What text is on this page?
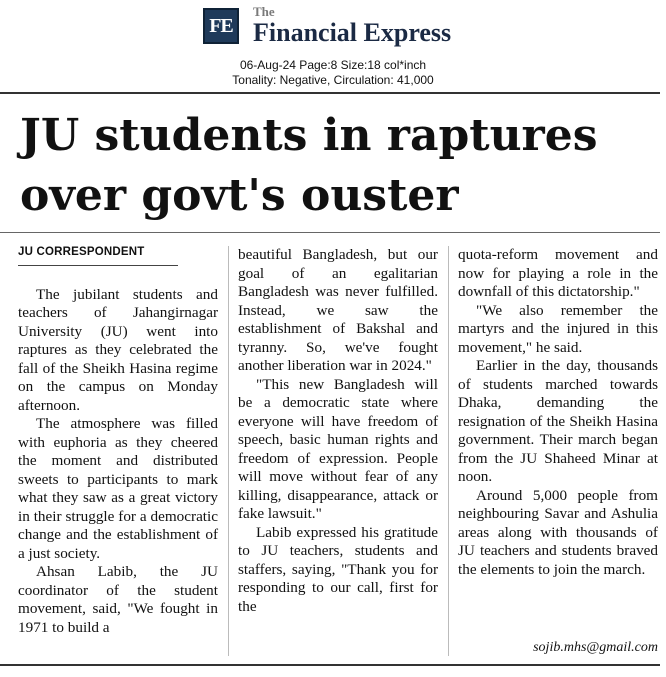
FE
The
Financial Express
06-Aug-24 Page:8 Size:18 col*inch
Tonality: Negative, Circulation: 41,000
JU students in raptures
over govt's ouster
JU CORRESPONDENT

The jubilant students and teachers of Jahangirnagar University (JU) went into raptures as they celebrated the fall of the Sheikh Hasina regime on the campus on Monday afternoon.

The atmosphere was filled with euphoria as they cheered the moment and distributed sweets to participants to mark what they saw as a great victory in their struggle for a democratic change and the establishment of a just society.

Ahsan Labib, the JU coordinator of the student movement, said, "We fought in 1971 to build a

beautiful Bangladesh, but our goal of an egalitarian Bangladesh was never fulfilled. Instead, we saw the establishment of Bakshal and tyranny. So, we've fought another liberation war in 2024."

"This new Bangladesh will be a democratic state where everyone will have freedom of speech, basic human rights and freedom of expression. People will move without fear of any killing, disappearance, attack or fake lawsuit."

Labib expressed his gratitude to JU teachers, students and staffers, saying, "Thank you for responding to our call, first for the

quota-reform movement and now for playing a role in the downfall of this dictatorship."

"We also remember the martyrs and the injured in this movement," he said.

Earlier in the day, thousands of students marched towards Dhaka, demanding the resignation of the Sheikh Hasina government. Their march began from the JU Shaheed Minar at noon.

Around 5,000 people from neighbouring Savar and Ashulia areas along with thousands of JU teachers and students braved the elements to join the march.

sojib.mhs@gmail.com
